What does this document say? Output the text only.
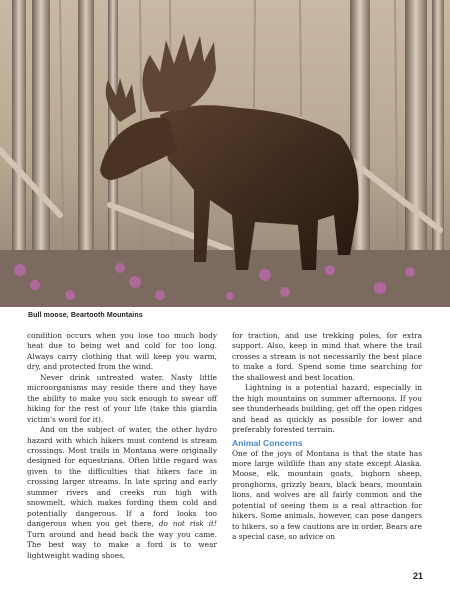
Bull moose, Beartooth Mountains

condition occurs when you lose too much body heat due to being wet and cold for too long. Always carry clothing that will keep you warm, dry, and protected from the wind.

Never drink untreated water. Nasty little microorganisms may reside there and they have the ability to make you sick enough to swear off hiking for the rest of your life (take this giardia victim's word for it).

And on the subject of water, the other hydro hazard with which hikers must contend is stream crossings. Most trails in Montana were originally designed for equestrians. Often little regard was given to the difficulties that hikers face in crossing larger streams. In late spring and early summer rivers and creeks run high with snowmelt, which makes fording them cold and potentially dangerous. If a ford looks too dangerous when you get there, do not risk it! Turn around and head back the way you came. The best way to make a ford is to wear lightweight wading shoes,

for traction, and use trekking poles, for extra support. Also, keep in mind that where the trail crosses a stream is not necessarily the best place to make a ford. Spend some time searching for the shallowest and best location.

Lightning is a potential hazard, especially in the high mountains on summer afternoons. If you see thunderheads building, get off the open ridges and head as quickly as possible for lower and preferably forested terrain.

Animal Concerns

One of the joys of Montana is that the state has more large wildlife than any state except Alaska. Moose, elk, mountain goats, bighorn sheep, pronghorns, grizzly bears, black bears, mountain lions, and wolves are all fairly common and the potential of seeing them is a real attraction for hikers. Some animals, however, can pose dangers to hikers, so a few cautions are in order. Bears are a special case, so advice on

21
